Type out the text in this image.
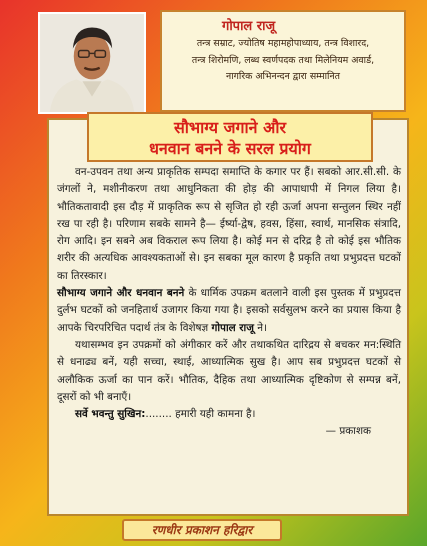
गोपाल राजू
तन्त्र सम्राट, ज्योतिष महामहोपाध्याय, तन्त्र विशारद,
तन्त्र शिरोमणि, लब्ध स्वर्णपदक तथा मिलेनियम अवार्ड,
नागरिक अभिनन्दन द्वारा सम्मानित
सौभाग्य जगाने और
धनवान बनने के सरल प्रयोग

वन-उपवन तथा अन्य प्राकृतिक सम्पदा समाप्ति के कगार पर हैं। सबको आर.सी.सी. के जंगलों ने, मशीनीकरण तथा आधुनिकता की होड़ की आपाधापी में निगल लिया है। भौतिकतावादी इस दौड़ में प्राकृतिक रूप से सृजित हो रही ऊर्जा अपना सन्तुलन स्थिर नहीं रख पा रही है। परिणाम सबके सामने है— ईर्ष्या-द्वेष, हवस, हिंसा, स्वार्थ, मानसिक संत्रादि, रोग आदि। इन सबने अब विकराल रूप लिया है। कोई मन से दरिद्र है तो कोई इस भौतिक शरीर की अत्यधिक आवश्यकताओं से। इन सबका मूल कारण है प्रकृति तथा प्रभुप्रदत्त घटकों का तिरस्कार।

सौभाग्य जगाने और धनवान बनने के धार्मिक उपक्रम बतलाने वाली इस पुस्तक में प्रभुप्रदत्त दुर्लभ घटकों को जनहितार्थ उजागर किया गया है। इसको सर्वसुलभ करने का प्रयास किया है आपके चिरपरिचित पदार्थ तंत्र के विशेषज्ञ गोपाल राजू ने।

यथासम्भव इन उपक्रमों को अंगीकार करें और तथाकथित दारिद्रय से बचकर मन:स्थिति से धनाढ्य बनें, यही सच्चा, स्थाई, आध्यात्मिक सुख है। आप सब प्रभुप्रदत्त घटकों से अलौकिक ऊर्जा का पान करें। भौतिक, दैहिक तथा आध्यात्मिक दृष्टिकोण से सम्पन्न बनें, दूसरों को भी बनाएँ।

सर्वे भवन्तु सुखिन:........ हमारी यही कामना है।

— प्रकाशक

रणधीर प्रकाशन हरिद्वार
